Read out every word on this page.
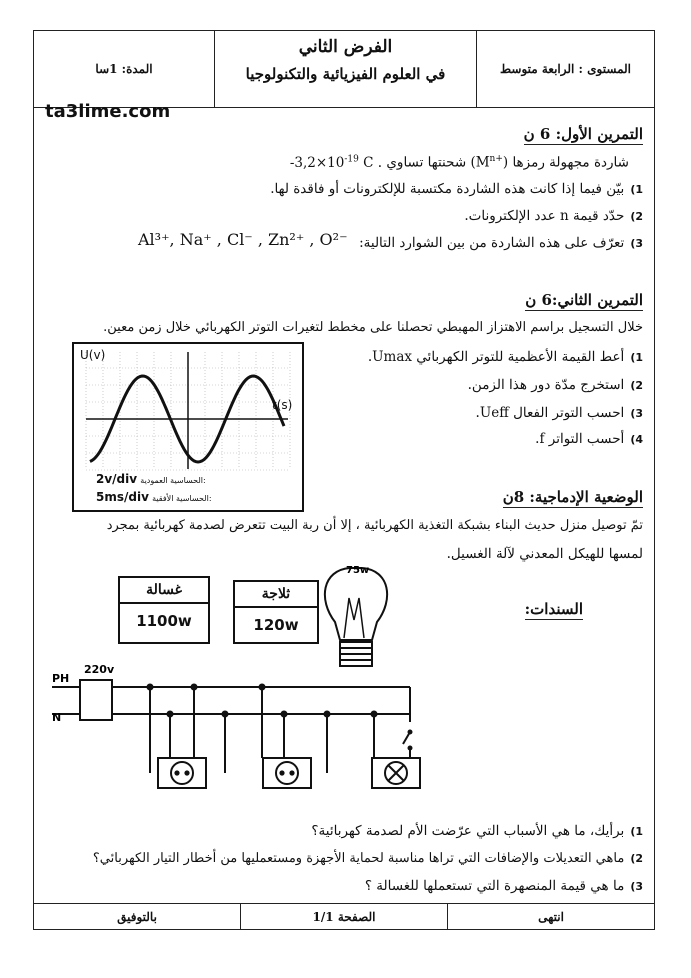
المستوى : الرابعة متوسط
الفرض الثاني
في العلوم الفيزيائية والتكنولوجيا
المدة: 1سا
ta3lime.com
التمرين الأول: 6 ن
شاردة مجهولة رمزها $(M^{n+})$ شحنتها تساوي $-3,2\times 10^{-19}$ C .
1)بيّن فيما إذا كانت هذه الشاردة مكتسبة للإلكترونات أو فاقدة لها.
2)حدّد قيمة n عدد الإلكترونات.
3)تعرّف على هذه الشاردة من بين الشوارد التالية:
Al³⁺, Na⁺ , Cl⁻ , Zn²⁺ , O²⁻
التمرين الثاني:6 ن
خلال التسجيل براسم الاهتزاز المهبطي تحصلنا على مخطط لتغيرات التوتر الكهربائي خلال زمن معين.
1)أعط القيمة الأعظمية للتوتر الكهربائي Umax.
2)استخرج مدّة دور هذا الزمن.
3)احسب التوتر الفعال Ueff.
4)أحسب التواتر f.
U(v)
t(s)
2v/div الحساسية العمودية:
5ms/div الحساسية الأفقية:	الوضعية الإدماجية: 8ن
تمّ توصيل منزل حديث البناء بشبكة التغذية الكهربائية ، إلا أن ربة البيت تتعرض لصدمة كهربائية بمجرد
لمسها للهيكل المعدني لآلة الغسيل.
السندات:
غسالة
1100w
ثلاجة
120w
75w
PH
N
220v
1)برأيك، ما هي الأسباب التي عرّضت الأم لصدمة كهربائية؟
2)ماهي التعديلات والإضافات التي تراها مناسبة لحماية الأجهزة ومستعمليها من أخطار التيار الكهربائي؟
3)ما هي قيمة المنصهرة التي تستعملها للغسالة ؟
انتهى
الصفحة 1/1
بالتوفيق
